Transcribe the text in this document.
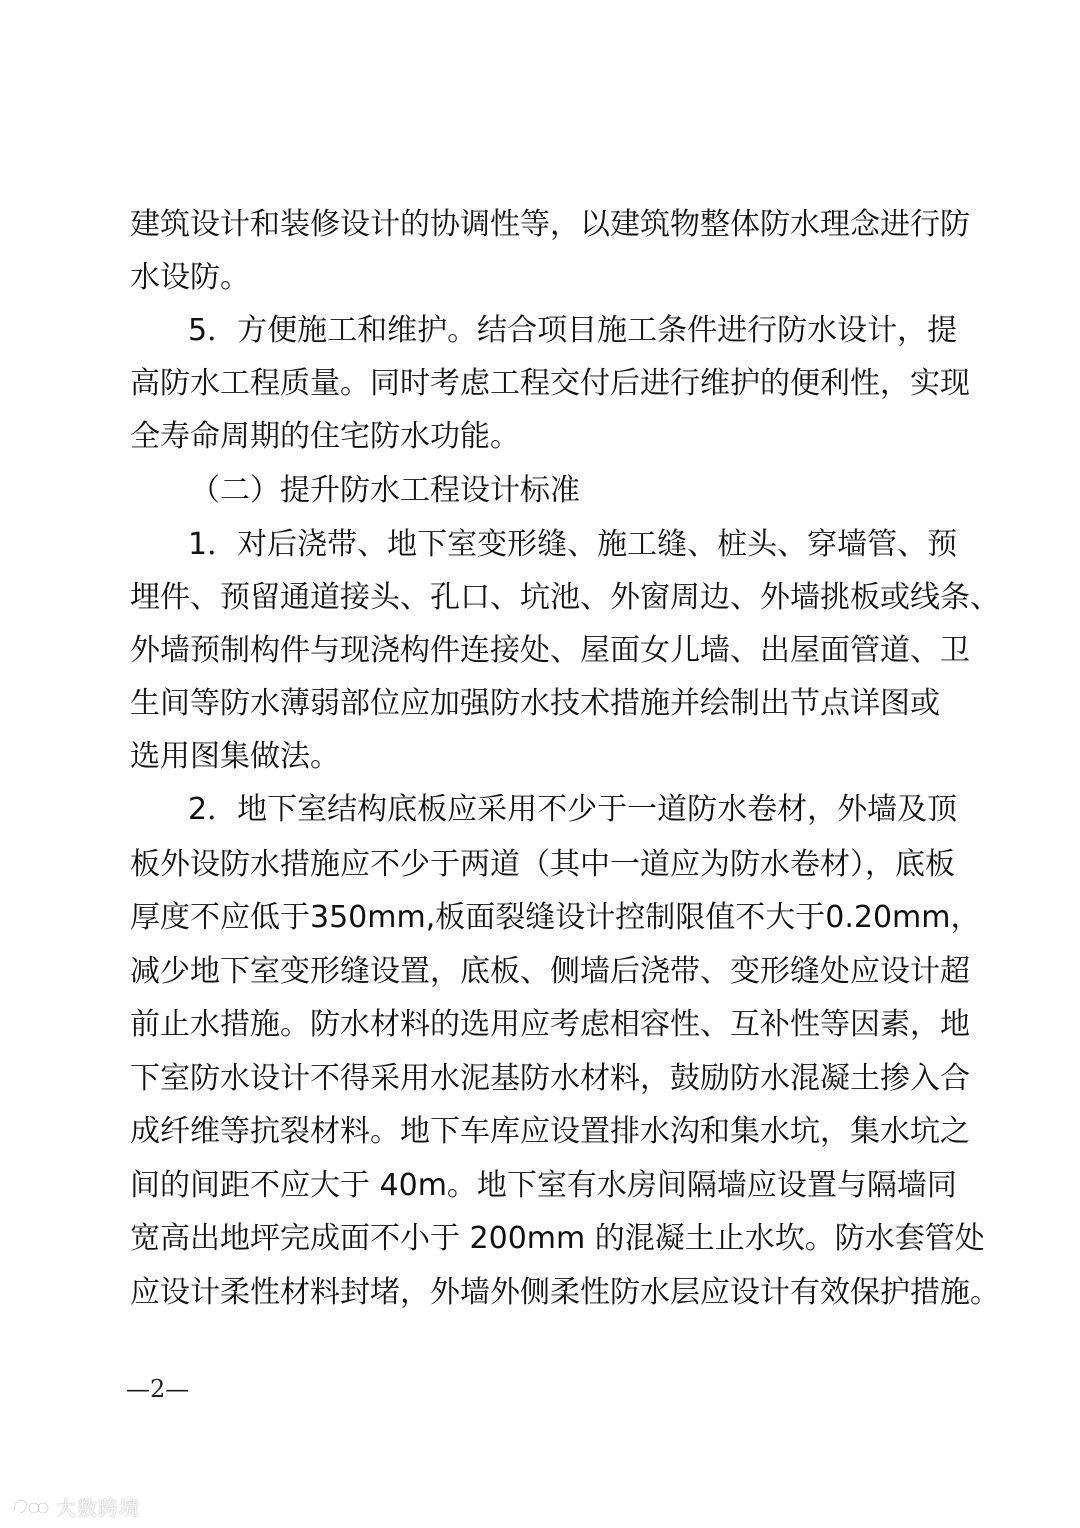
建筑设计和装修设计的协调性等，以建筑物整体防水理念进行防
水设防。
5．方便施工和维护。结合项目施工条件进行防水设计，提
高防水工程质量。同时考虑工程交付后进行维护的便利性，实现
全寿命周期的住宅防水功能。
（二）提升防水工程设计标准
1．对后浇带、地下室变形缝、施工缝、桩头、穿墙管、预
埋件、预留通道接头、孔口、坑池、外窗周边、外墙挑板或线条、
外墙预制构件与现浇构件连接处、屋面女儿墙、出屋面管道、卫
生间等防水薄弱部位应加强防水技术措施并绘制出节点详图或
选用图集做法。
2．地下室结构底板应采用不少于一道防水卷材，外墙及顶
板外设防水措施应不少于两道（其中一道应为防水卷材），底板
厚度不应低于350mm,板面裂缝设计控制限值不大于0.20mm，
减少地下室变形缝设置，底板、侧墙后浇带、变形缝处应设计超
前止水措施。防水材料的选用应考虑相容性、互补性等因素，地
下室防水设计不得采用水泥基防水材料，鼓励防水混凝土掺入合
成纤维等抗裂材料。地下车库应设置排水沟和集水坑，集水坑之
间的间距不应大于 40m。地下室有水房间隔墙应设置与隔墙同
宽高出地坪完成面不小于 200mm 的混凝土止水坎。防水套管处
应设计柔性材料封堵，外墙外侧柔性防水层应设计有效保护措施。
—2—
大数跨境
